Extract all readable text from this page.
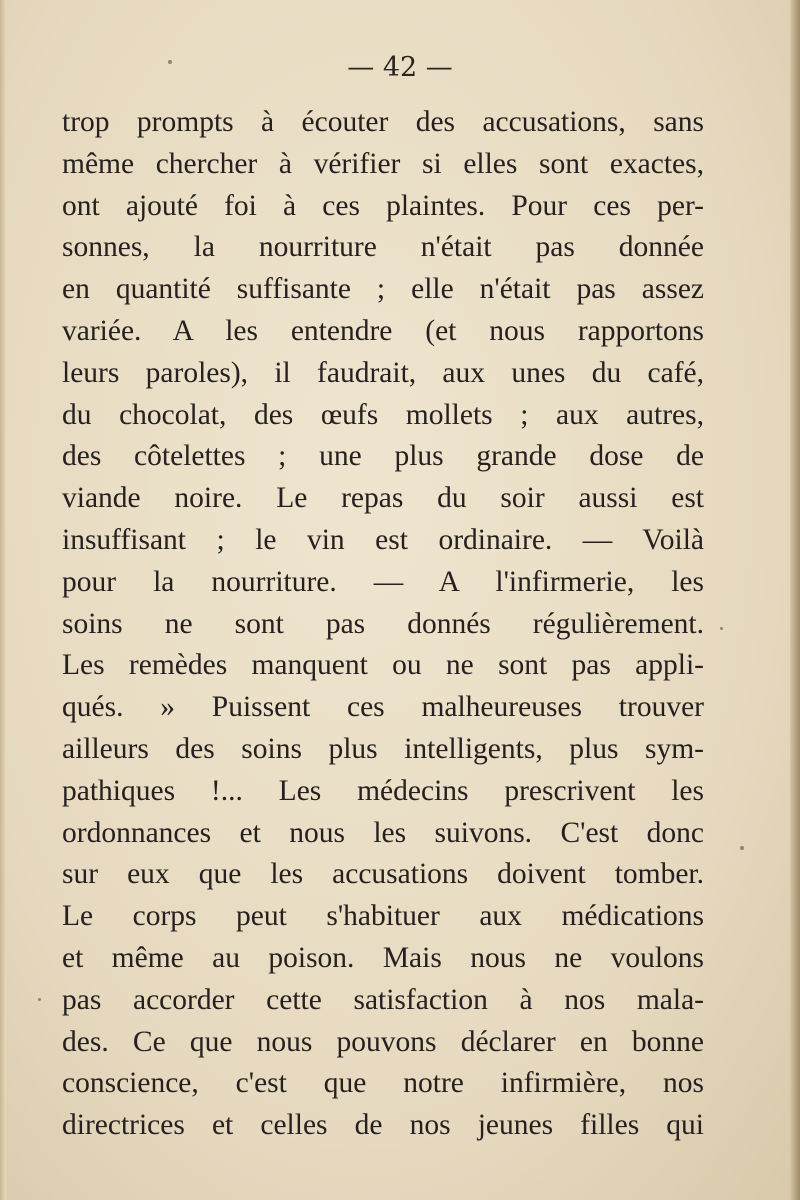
— 42 —
trop prompts à écouter des accusations, sans
même chercher à vérifier si elles sont exactes,
ont ajouté foi à ces plaintes. Pour ces per-
sonnes, la nourriture n'était pas donnée
en quantité suffisante ; elle n'était pas assez
variée. A les entendre (et nous rapportons
leurs paroles), il faudrait, aux unes du café,
du chocolat, des œufs mollets ; aux autres,
des côtelettes ; une plus grande dose de
viande noire. Le repas du soir aussi est
insuffisant ; le vin est ordinaire. — Voilà
pour la nourriture. — A l'infirmerie, les
soins ne sont pas donnés régulièrement.
Les remèdes manquent ou ne sont pas appli-
qués. » Puissent ces malheureuses trouver
ailleurs des soins plus intelligents, plus sym-
pathiques !... Les médecins prescrivent les
ordonnances et nous les suivons. C'est donc
sur eux que les accusations doivent tomber.
Le corps peut s'habituer aux médications
et même au poison. Mais nous ne voulons
pas accorder cette satisfaction à nos mala-
des. Ce que nous pouvons déclarer en bonne
conscience, c'est que notre infirmière, nos
directrices et celles de nos jeunes filles qui
